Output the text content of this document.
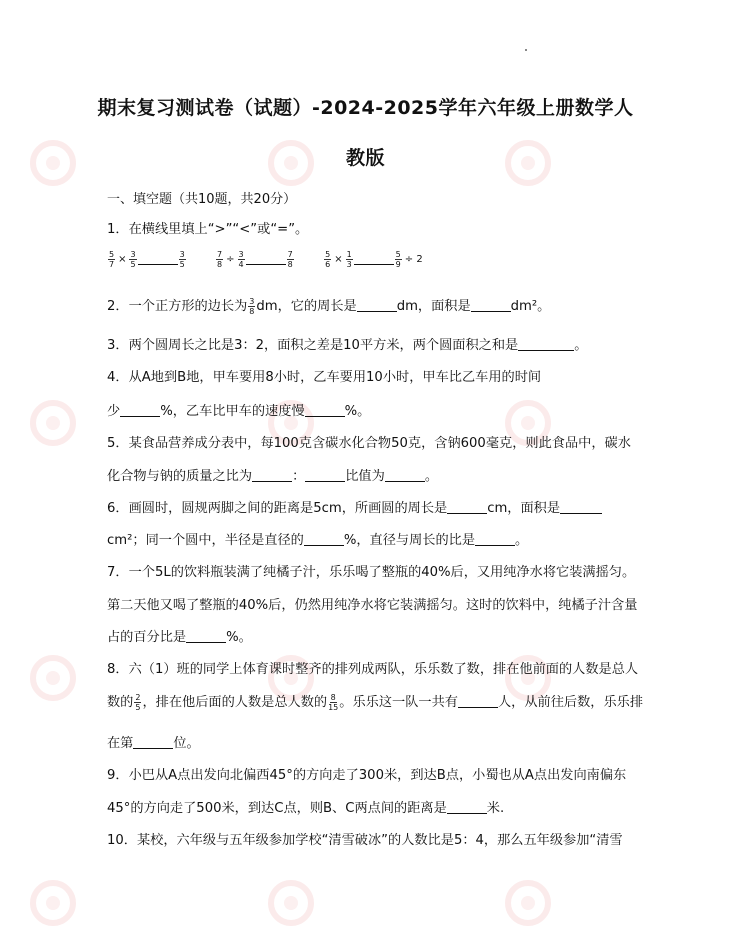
期末复习测试卷（试题）-2024-2025学年六年级上册数学人
教版
一、填空题（共10题，共20分）
1．在横线里填上“>”“<”或“=”。
$\frac{5}{7} \times \frac{3}{5}$	$\frac{3}{5}$
	$\frac{7}{8} \div \frac{3}{4}$	$\frac{7}{8}$
	$\frac{5}{6} \times \frac{1}{3}$	$\frac{5}{9} \div 2$
2．一个正方形的边长为 $\frac{3}{8}$ dm，它的周长是	dm，面积是	dm²。
3．两个圆周长之比是3：2，面积之差是10平方米，两个圆面积之和是	。
4．从A地到B地，甲车要用8小时，乙车要用10小时，甲车比乙车用的时间
少	%，乙车比甲车的速度慢	%。
5．某食品营养成分表中，每100克含碳水化合物50克，含钠600毫克，则此食品中，碳水
化合物与钠的质量之比为	：	比值为	。
6．画圆时，圆规两脚之间的距离是5cm，所画圆的周长是	cm，面积是
cm²；同一个圆中，半径是直径的	%，直径与周长的比是	。
7．一个5L的饮料瓶装满了纯橘子汁，乐乐喝了整瓶的40%后，又用纯净水将它装满摇匀。
第二天他又喝了整瓶的40%后，仍然用纯净水将它装满摇匀。这时的饮料中，纯橘子汁含量
占的百分比是	%。
8．六（1）班的同学上体育课时整齐的排列成两队，乐乐数了数，排在他前面的人数是总人
数的 $\frac{2}{5}$ ，排在他后面的人数是总人数的 $\frac{8}{15}$ 。乐乐这一队一共有	人，从前往后数，乐乐排
在第	位。
9．小巴从A点出发向北偏西45°的方向走了300米，到达B点，小蜀也从A点出发向南偏东
45°的方向走了500米，到达C点，则B、C两点间的距离是	米.
10．某校，六年级与五年级参加学校“清雪破冰”的人数比是5：4，那么五年级参加“清雪
